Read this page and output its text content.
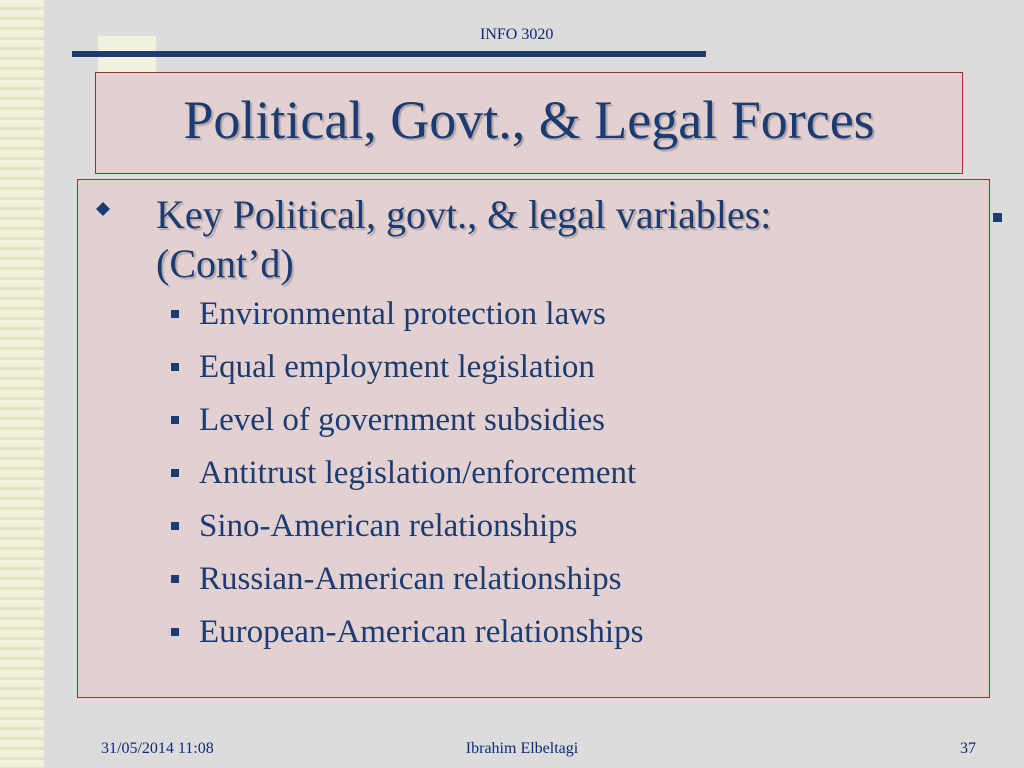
INFO 3020
Political, Govt., & Legal Forces
Key Political, govt., & legal variables:
(Cont’d)
Environmental protection laws
Equal employment legislation
Level of government subsidies
Antitrust legislation/enforcement
Sino-American relationships
Russian-American relationships
European-American relationships
31/05/2014 11:08	Ibrahim Elbeltagi	37
